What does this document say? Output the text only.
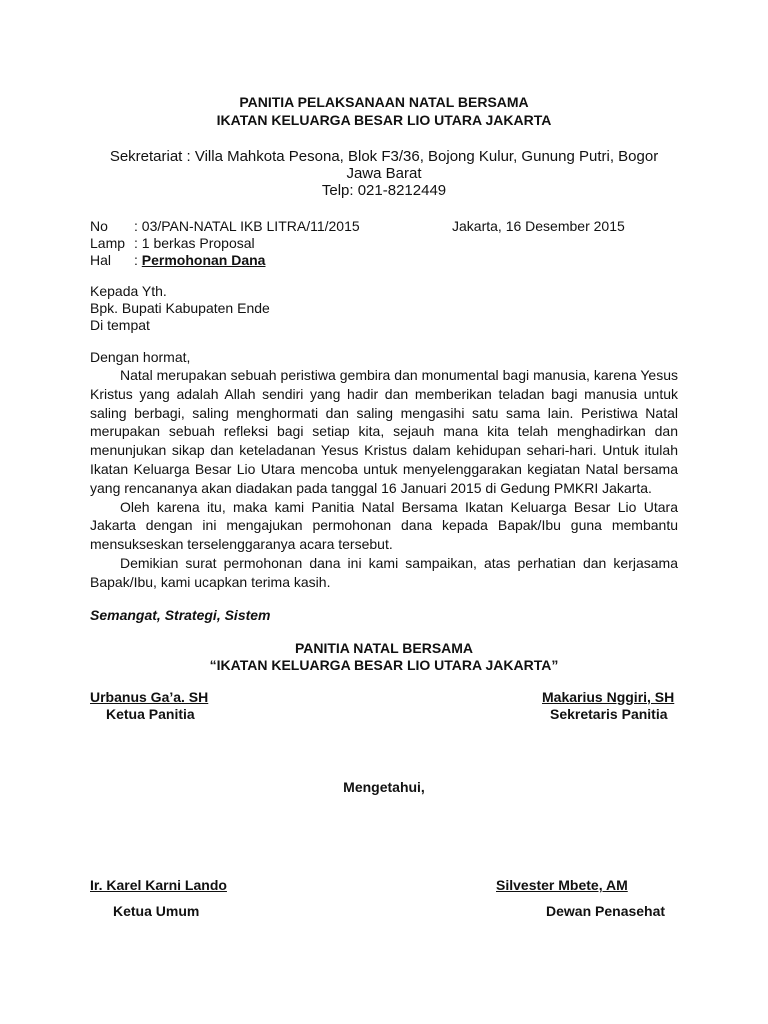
PANITIA PELAKSANAAN NATAL BERSAMA
IKATAN KELUARGA BESAR LIO UTARA JAKARTA
Sekretariat : Villa Mahkota Pesona, Blok F3/36, Bojong Kulur, Gunung Putri, Bogor
Jawa Barat
Telp: 021-8212449
No : 03/PAN-NATAL IKB LITRA/11/2015	Jakarta, 16 Desember 2015
Lamp : 1 berkas Proposal
Hal : Permohonan Dana
Kepada Yth.
Bpk. Bupati Kabupaten Ende
Di tempat
Dengan hormat,

Natal merupakan sebuah peristiwa gembira dan monumental bagi manusia, karena Yesus Kristus yang adalah Allah sendiri yang hadir dan memberikan teladan bagi manusia untuk saling berbagi, saling menghormati dan saling mengasihi satu sama lain. Peristiwa Natal merupakan sebuah refleksi bagi setiap kita, sejauh mana kita telah menghadirkan dan menunjukan sikap dan keteladanan Yesus Kristus dalam kehidupan sehari-hari. Untuk itulah Ikatan Keluarga Besar Lio Utara mencoba untuk menyelenggarakan kegiatan Natal bersama yang rencananya akan diadakan pada tanggal 16 Januari 2015 di Gedung PMKRI Jakarta.

Oleh karena itu, maka kami Panitia Natal Bersama Ikatan Keluarga Besar Lio Utara Jakarta dengan ini mengajukan permohonan dana kepada Bapak/Ibu guna membantu mensukseskan terselenggaranya acara tersebut.

Demikian surat permohonan dana ini kami sampaikan, atas perhatian dan kerjasama Bapak/Ibu, kami ucapkan terima kasih.

Semangat, Strategi, Sistem
PANITIA NATAL BERSAMA
“IKATAN KELUARGA BESAR LIO UTARA JAKARTA”
Urbanus Ga’a. SH
Ketua Panitia
Makarius Nggiri, SH
Sekretaris Panitia
Mengetahui,
Ir. Karel Karni Lando
Ketua Umum
Silvester Mbete, AM
Dewan Penasehat
